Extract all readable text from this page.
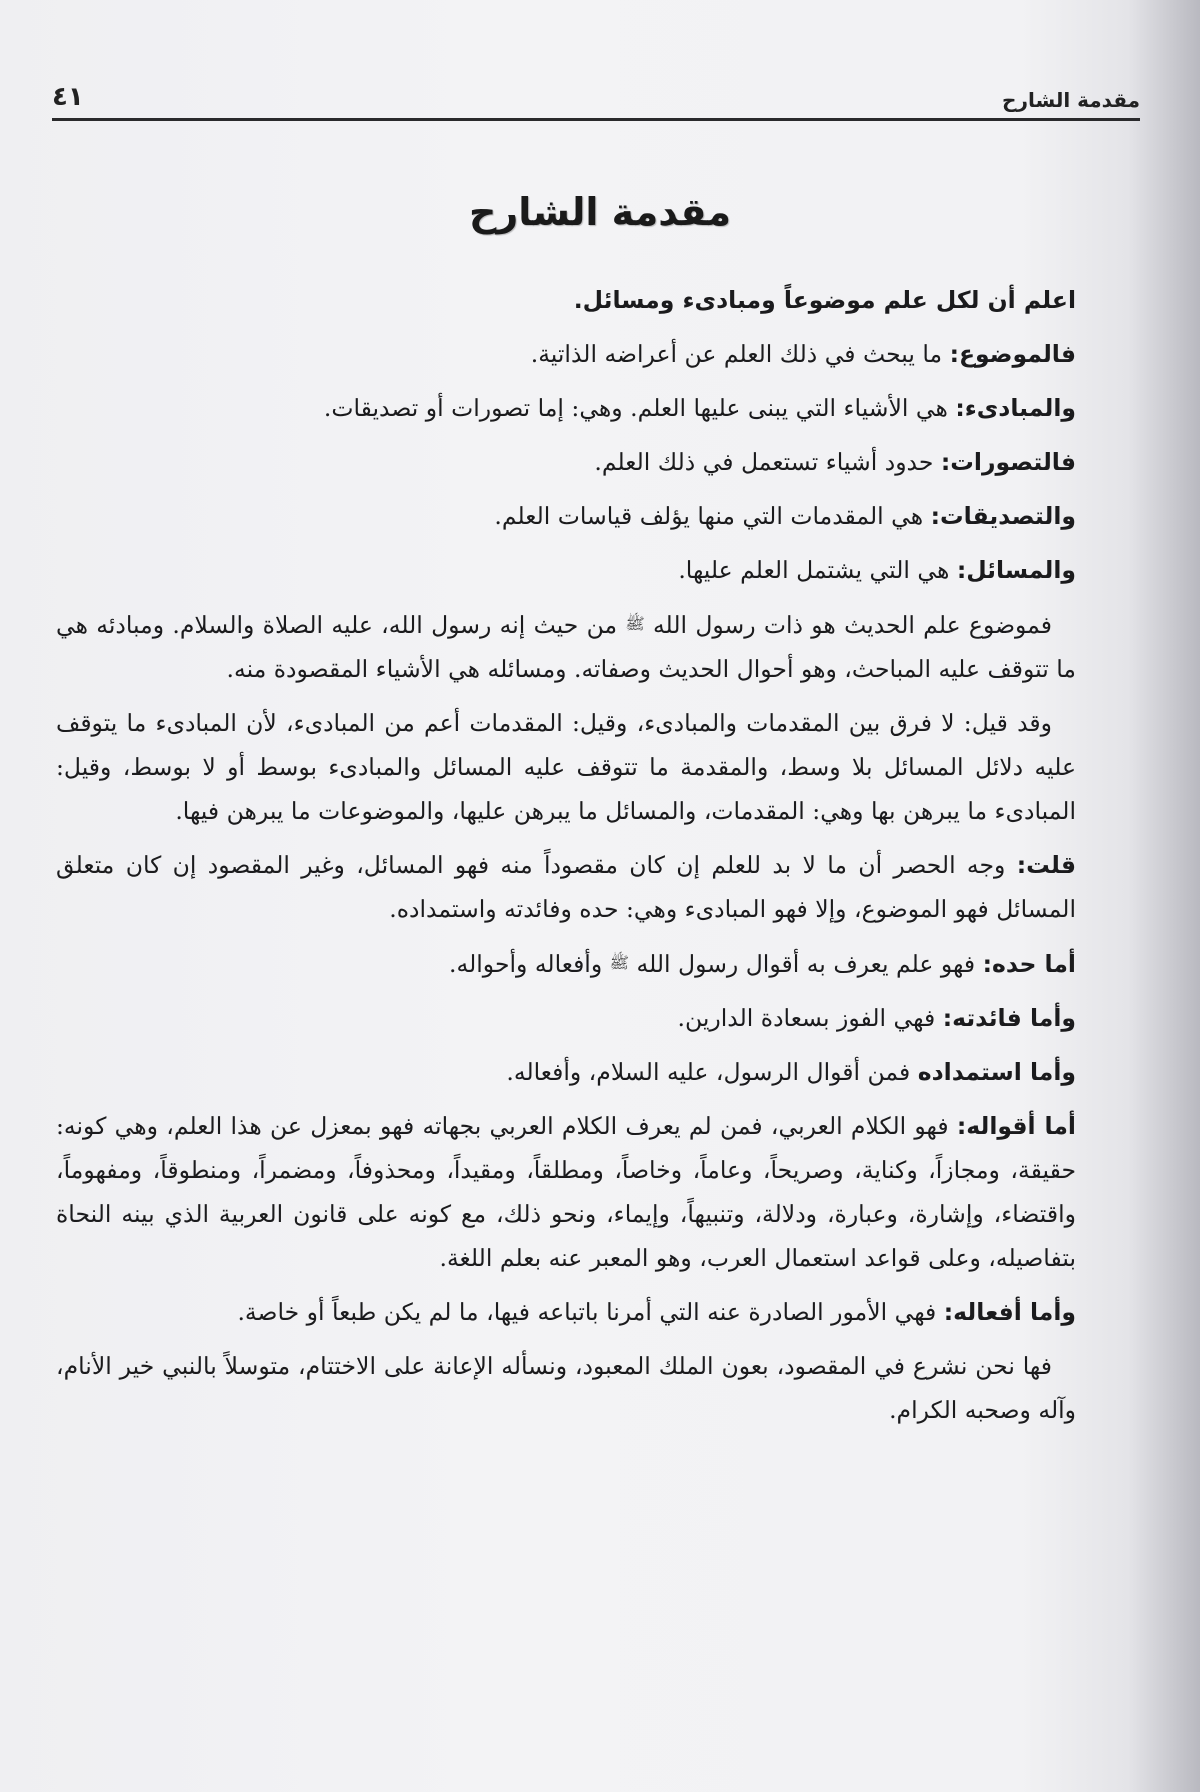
مقدمة الشارح
٤١
مقدمة الشارح

اعلم أن لكل علم موضوعاً ومبادىء ومسائل.

فالموضوع: ما يبحث في ذلك العلم عن أعراضه الذاتية.

والمبادىء: هي الأشياء التي يبنى عليها العلم. وهي: إما تصورات أو تصديقات.

فالتصورات: حدود أشياء تستعمل في ذلك العلم.

والتصديقات: هي المقدمات التي منها يؤلف قياسات العلم.

والمسائل: هي التي يشتمل العلم عليها.

فموضوع علم الحديث هو ذات رسول الله ﷺ من حيث إنه رسول الله، عليه الصلاة والسلام. ومبادئه هي ما تتوقف عليه المباحث، وهو أحوال الحديث وصفاته. ومسائله هي الأشياء المقصودة منه.

وقد قيل: لا فرق بين المقدمات والمبادىء، وقيل: المقدمات أعم من المبادىء، لأن المبادىء ما يتوقف عليه دلائل المسائل بلا وسط، والمقدمة ما تتوقف عليه المسائل والمبادىء بوسط أو لا بوسط، وقيل: المبادىء ما يبرهن بها وهي: المقدمات، والمسائل ما يبرهن عليها، والموضوعات ما يبرهن فيها.

قلت: وجه الحصر أن ما لا بد للعلم إن كان مقصوداً منه فهو المسائل، وغير المقصود إن كان متعلق المسائل فهو الموضوع، وإلا فهو المبادىء وهي: حده وفائدته واستمداده.

أما حده: فهو علم يعرف به أقوال رسول الله ﷺ وأفعاله وأحواله.

وأما فائدته: فهي الفوز بسعادة الدارين.

وأما استمداده فمن أقوال الرسول، عليه السلام، وأفعاله.

أما أقواله: فهو الكلام العربي، فمن لم يعرف الكلام العربي بجهاته فهو بمعزل عن هذا العلم، وهي كونه: حقيقة، ومجازاً، وكناية، وصريحاً، وعاماً، وخاصاً، ومطلقاً، ومقيداً، ومحذوفاً، ومضمراً، ومنطوقاً، ومفهوماً، واقتضاء، وإشارة، وعبارة، ودلالة، وتنبيهاً، وإيماء، ونحو ذلك، مع كونه على قانون العربية الذي بينه النحاة بتفاصيله، وعلى قواعد استعمال العرب، وهو المعبر عنه بعلم اللغة.

وأما أفعاله: فهي الأمور الصادرة عنه التي أمرنا باتباعه فيها، ما لم يكن طبعاً أو خاصة.

فها نحن نشرع في المقصود، بعون الملك المعبود، ونسأله الإعانة على الاختتام، متوسلاً بالنبي خير الأنام، وآله وصحبه الكرام.
